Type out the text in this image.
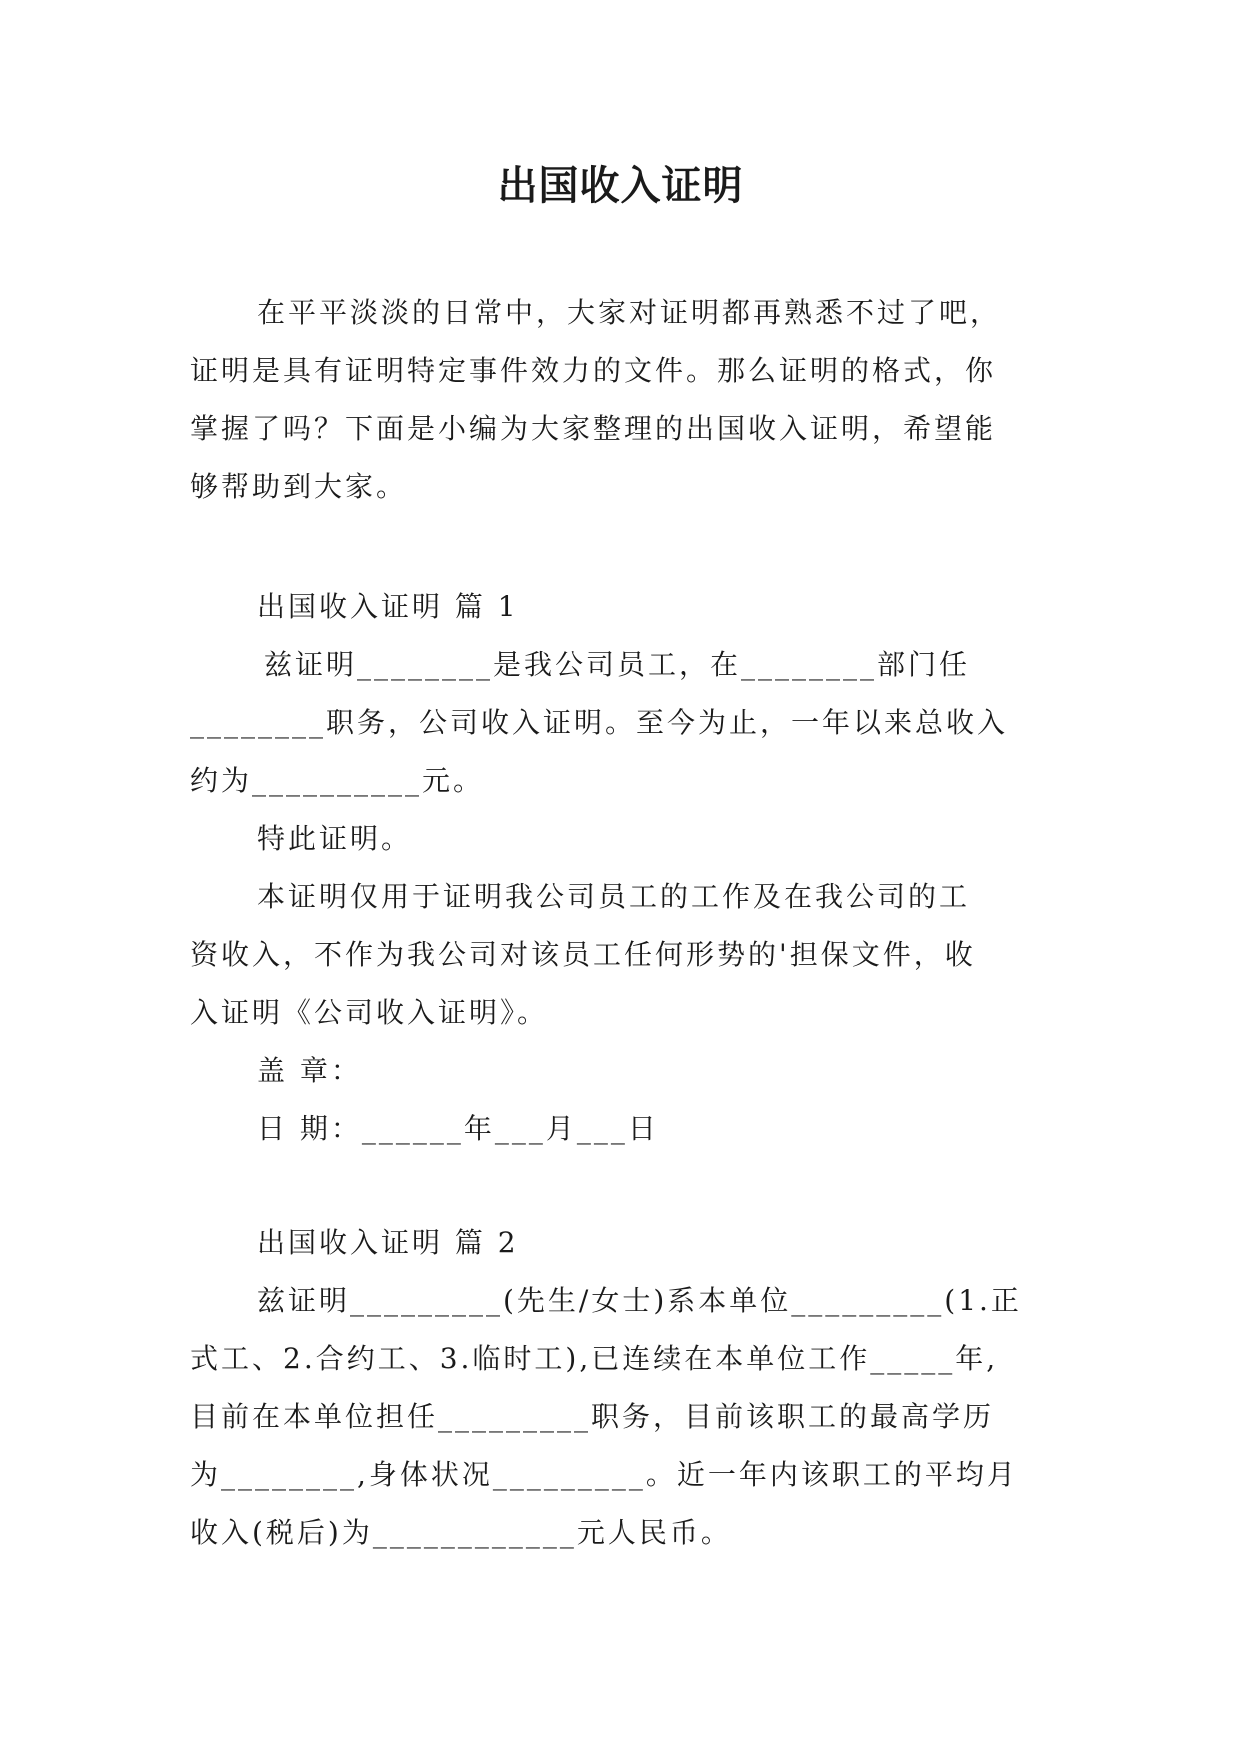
出国收入证明
在平平淡淡的日常中，大家对证明都再熟悉不过了吧，
证明是具有证明特定事件效力的文件。那么证明的格式，你
掌握了吗？下面是小编为大家整理的出国收入证明，希望能
够帮助到大家。
出国收入证明 篇 1
兹证明________是我公司员工，在________部门任
________职务，公司收入证明。至今为止，一年以来总收入
约为__________元。
特此证明。
本证明仅用于证明我公司员工的工作及在我公司的工
资收入，不作为我公司对该员工任何形势的'担保文件，收
入证明《公司收入证明》。
盖 章：
日 期：______年___月___日
出国收入证明 篇 2
兹证明_________(先生/女士)系本单位_________(1.正
式工、2.合约工、3.临时工),已连续在本单位工作_____年,
目前在本单位担任_________职务，目前该职工的最高学历
为________,身体状况_________。近一年内该职工的平均月
收入(税后)为____________元人民币。
